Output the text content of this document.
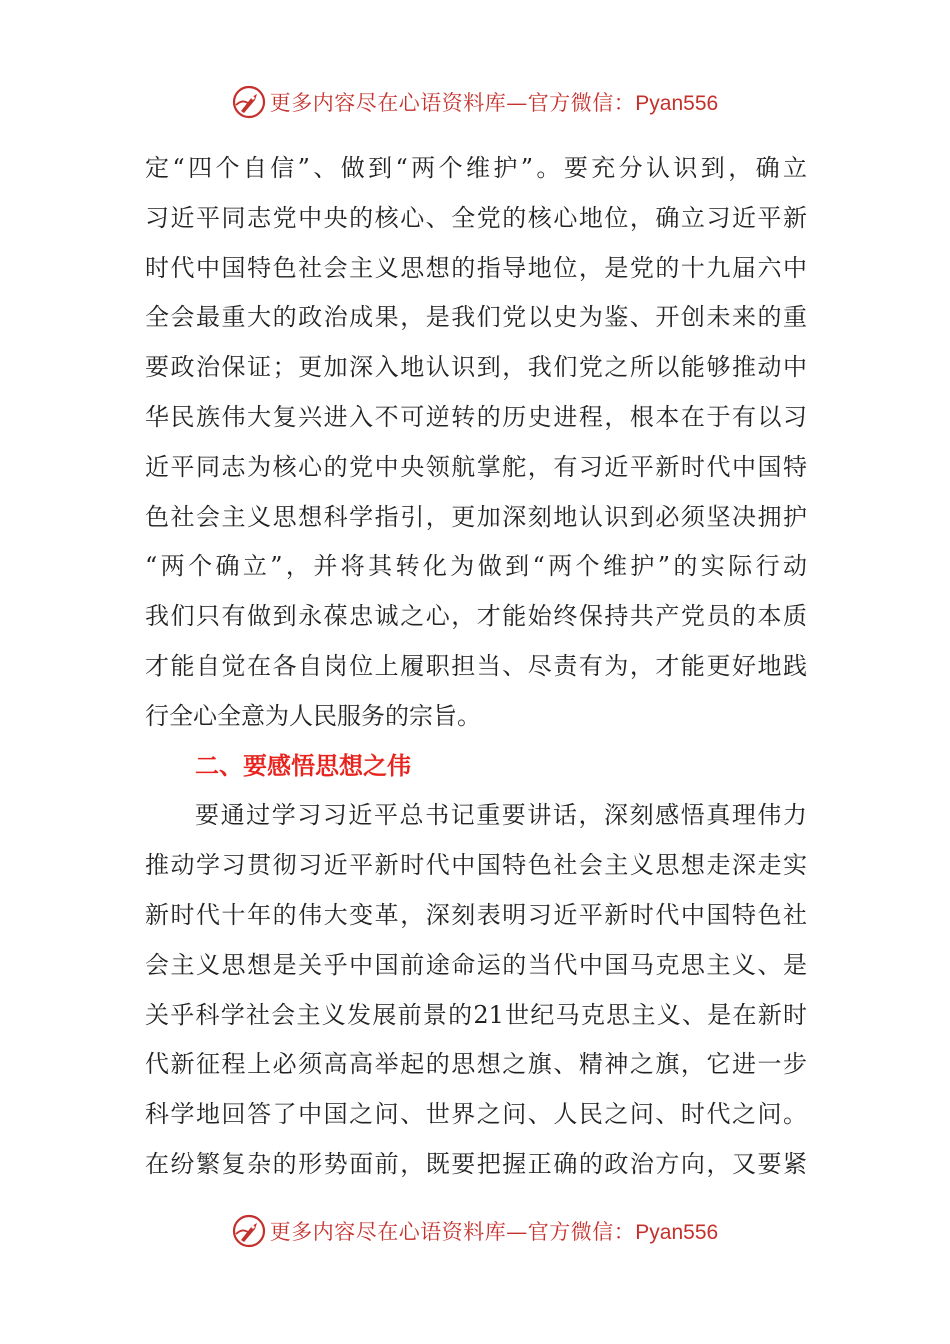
更多内容尽在心语资料库—官方微信：Pyan556
定“四个自信”、做到“两个维护”。要充分认识到，确立
习近平同志党中央的核心、全党的核心地位，确立习近平新
时代中国特色社会主义思想的指导地位，是党的十九届六中
全会最重大的政治成果，是我们党以史为鉴、开创未来的重
要政治保证；更加深入地认识到，我们党之所以能够推动中
华民族伟大复兴进入不可逆转的历史进程，根本在于有以习
近平同志为核心的党中央领航掌舵，有习近平新时代中国特
色社会主义思想科学指引，更加深刻地认识到必须坚决拥护
“两个确立”，并将其转化为做到“两个维护”的实际行动
我们只有做到永葆忠诚之心，才能始终保持共产党员的本质
才能自觉在各自岗位上履职担当、尽责有为，才能更好地践
行全心全意为人民服务的宗旨。
二、要感悟思想之伟
要通过学习习近平总书记重要讲话，深刻感悟真理伟力
推动学习贯彻习近平新时代中国特色社会主义思想走深走实
新时代十年的伟大变革，深刻表明习近平新时代中国特色社
会主义思想是关乎中国前途命运的当代中国马克思主义、是
关乎科学社会主义发展前景的21世纪马克思主义、是在新时
代新征程上必须高高举起的思想之旗、精神之旗，它进一步
科学地回答了中国之问、世界之问、人民之问、时代之问。
在纷繁复杂的形势面前，既要把握正确的政治方向，又要紧
更多内容尽在心语资料库—官方微信：Pyan556
